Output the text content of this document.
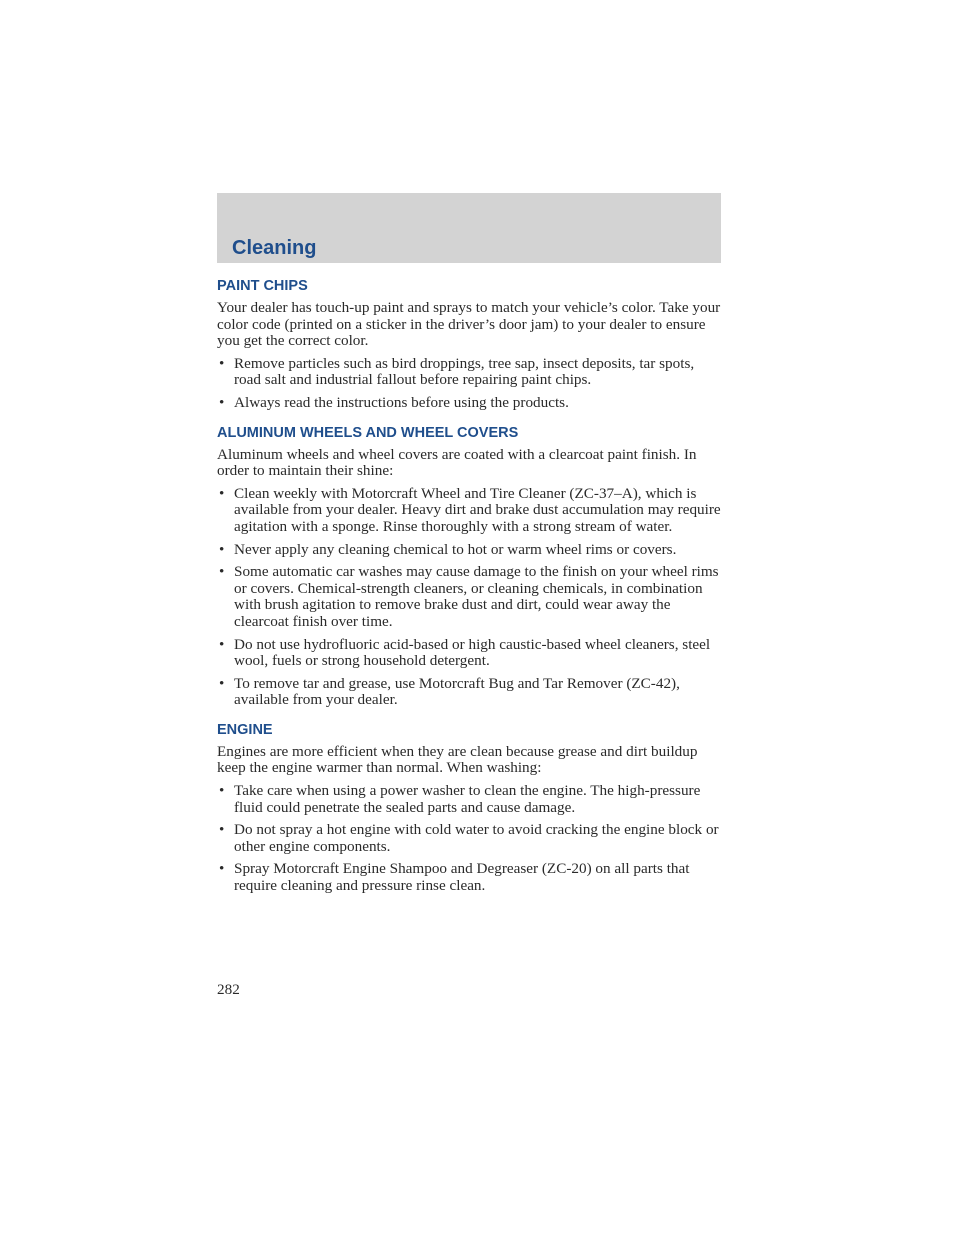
Cleaning
PAINT CHIPS

Your dealer has touch-up paint and sprays to match your vehicle’s color. Take your color code (printed on a sticker in the driver’s door jam) to your dealer to ensure you get the correct color.

• Remove particles such as bird droppings, tree sap, insect deposits, tar spots, road salt and industrial fallout before repairing paint chips.
• Always read the instructions before using the products.
ALUMINUM WHEELS AND WHEEL COVERS

Aluminum wheels and wheel covers are coated with a clearcoat paint finish. In order to maintain their shine:

• Clean weekly with Motorcraft Wheel and Tire Cleaner (ZC-37–A), which is available from your dealer. Heavy dirt and brake dust accumulation may require agitation with a sponge. Rinse thoroughly with a strong stream of water.
• Never apply any cleaning chemical to hot or warm wheel rims or covers.
• Some automatic car washes may cause damage to the finish on your wheel rims or covers. Chemical-strength cleaners, or cleaning chemicals, in combination with brush agitation to remove brake dust and dirt, could wear away the clearcoat finish over time.
• Do not use hydrofluoric acid-based or high caustic-based wheel cleaners, steel wool, fuels or strong household detergent.
• To remove tar and grease, use Motorcraft Bug and Tar Remover (ZC-42), available from your dealer.
ENGINE

Engines are more efficient when they are clean because grease and dirt buildup keep the engine warmer than normal. When washing:

• Take care when using a power washer to clean the engine. The high-pressure fluid could penetrate the sealed parts and cause damage.
• Do not spray a hot engine with cold water to avoid cracking the engine block or other engine components.
• Spray Motorcraft Engine Shampoo and Degreaser (ZC-20) on all parts that require cleaning and pressure rinse clean.
282
